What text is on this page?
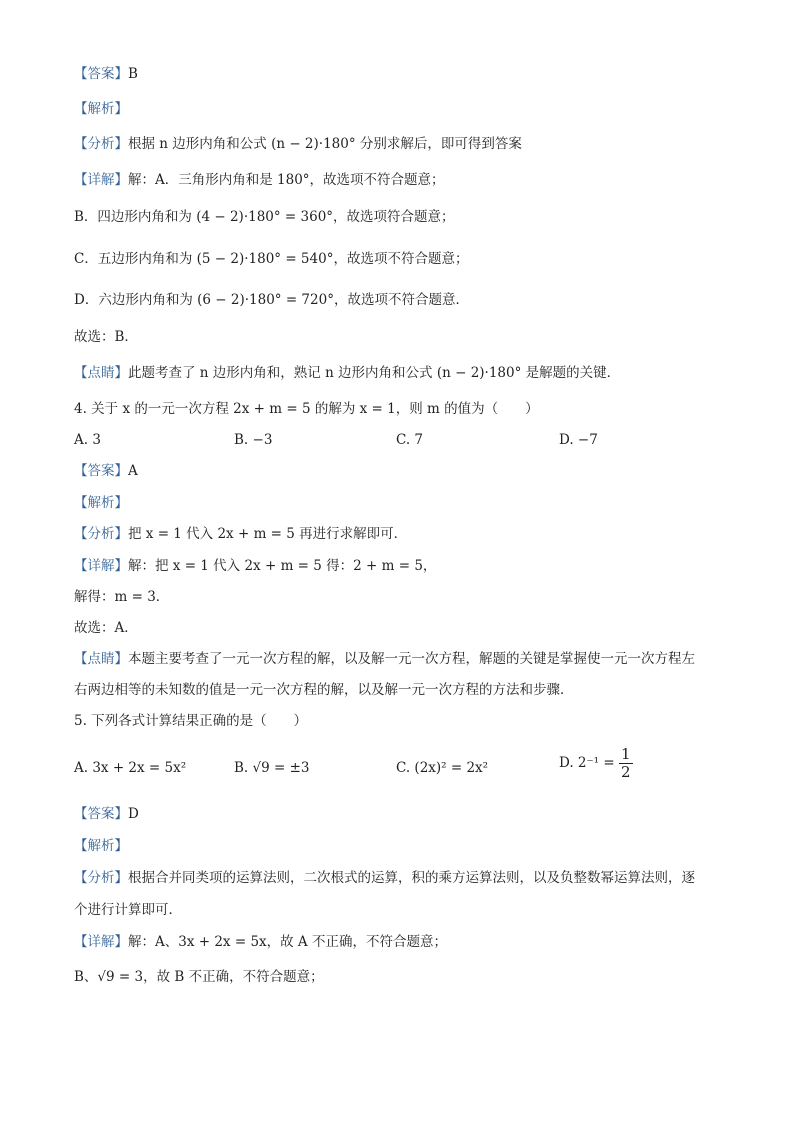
【答案】B
【解析】
【分析】根据 n 边形内角和公式 (n − 2)·180° 分别求解后，即可得到答案
【详解】解：A．三角形内角和是 180°，故选项不符合题意；
B．四边形内角和为 (4 − 2)·180° = 360°，故选项符合题意；
C．五边形内角和为 (5 − 2)·180° = 540°，故选项不符合题意；
D．六边形内角和为 (6 − 2)·180° = 720°，故选项不符合题意．
故选：B．
【点睛】此题考查了 n 边形内角和，熟记 n 边形内角和公式 (n − 2)·180° 是解题的关键．
4. 关于 x 的一元一次方程 2x + m = 5 的解为 x = 1，则 m 的值为（　　）
A. 3	B. −3	C. 7	D. −7
【答案】A
【解析】
【分析】把 x = 1 代入 2x + m = 5 再进行求解即可．
【详解】解：把 x = 1 代入 2x + m = 5 得：2 + m = 5，
解得：m = 3．
故选：A．
【点睛】本题主要考查了一元一次方程的解，以及解一元一次方程，解题的关键是掌握使一元一次方程左
右两边相等的未知数的值是一元一次方程的解，以及解一元一次方程的方法和步骤．
5. 下列各式计算结果正确的是（　　）
A. 3x + 2x = 5x²	B. √9 = ±3	C. (2x)² = 2x²	D. $2^{-1} = \frac{1}{2}$
【答案】D
【解析】
【分析】根据合并同类项的运算法则，二次根式的运算，积的乘方运算法则，以及负整数幂运算法则，逐
个进行计算即可．
【详解】解：A、3x + 2x = 5x，故 A 不正确，不符合题意；
B、√9 = 3，故 B 不正确，不符合题意；
